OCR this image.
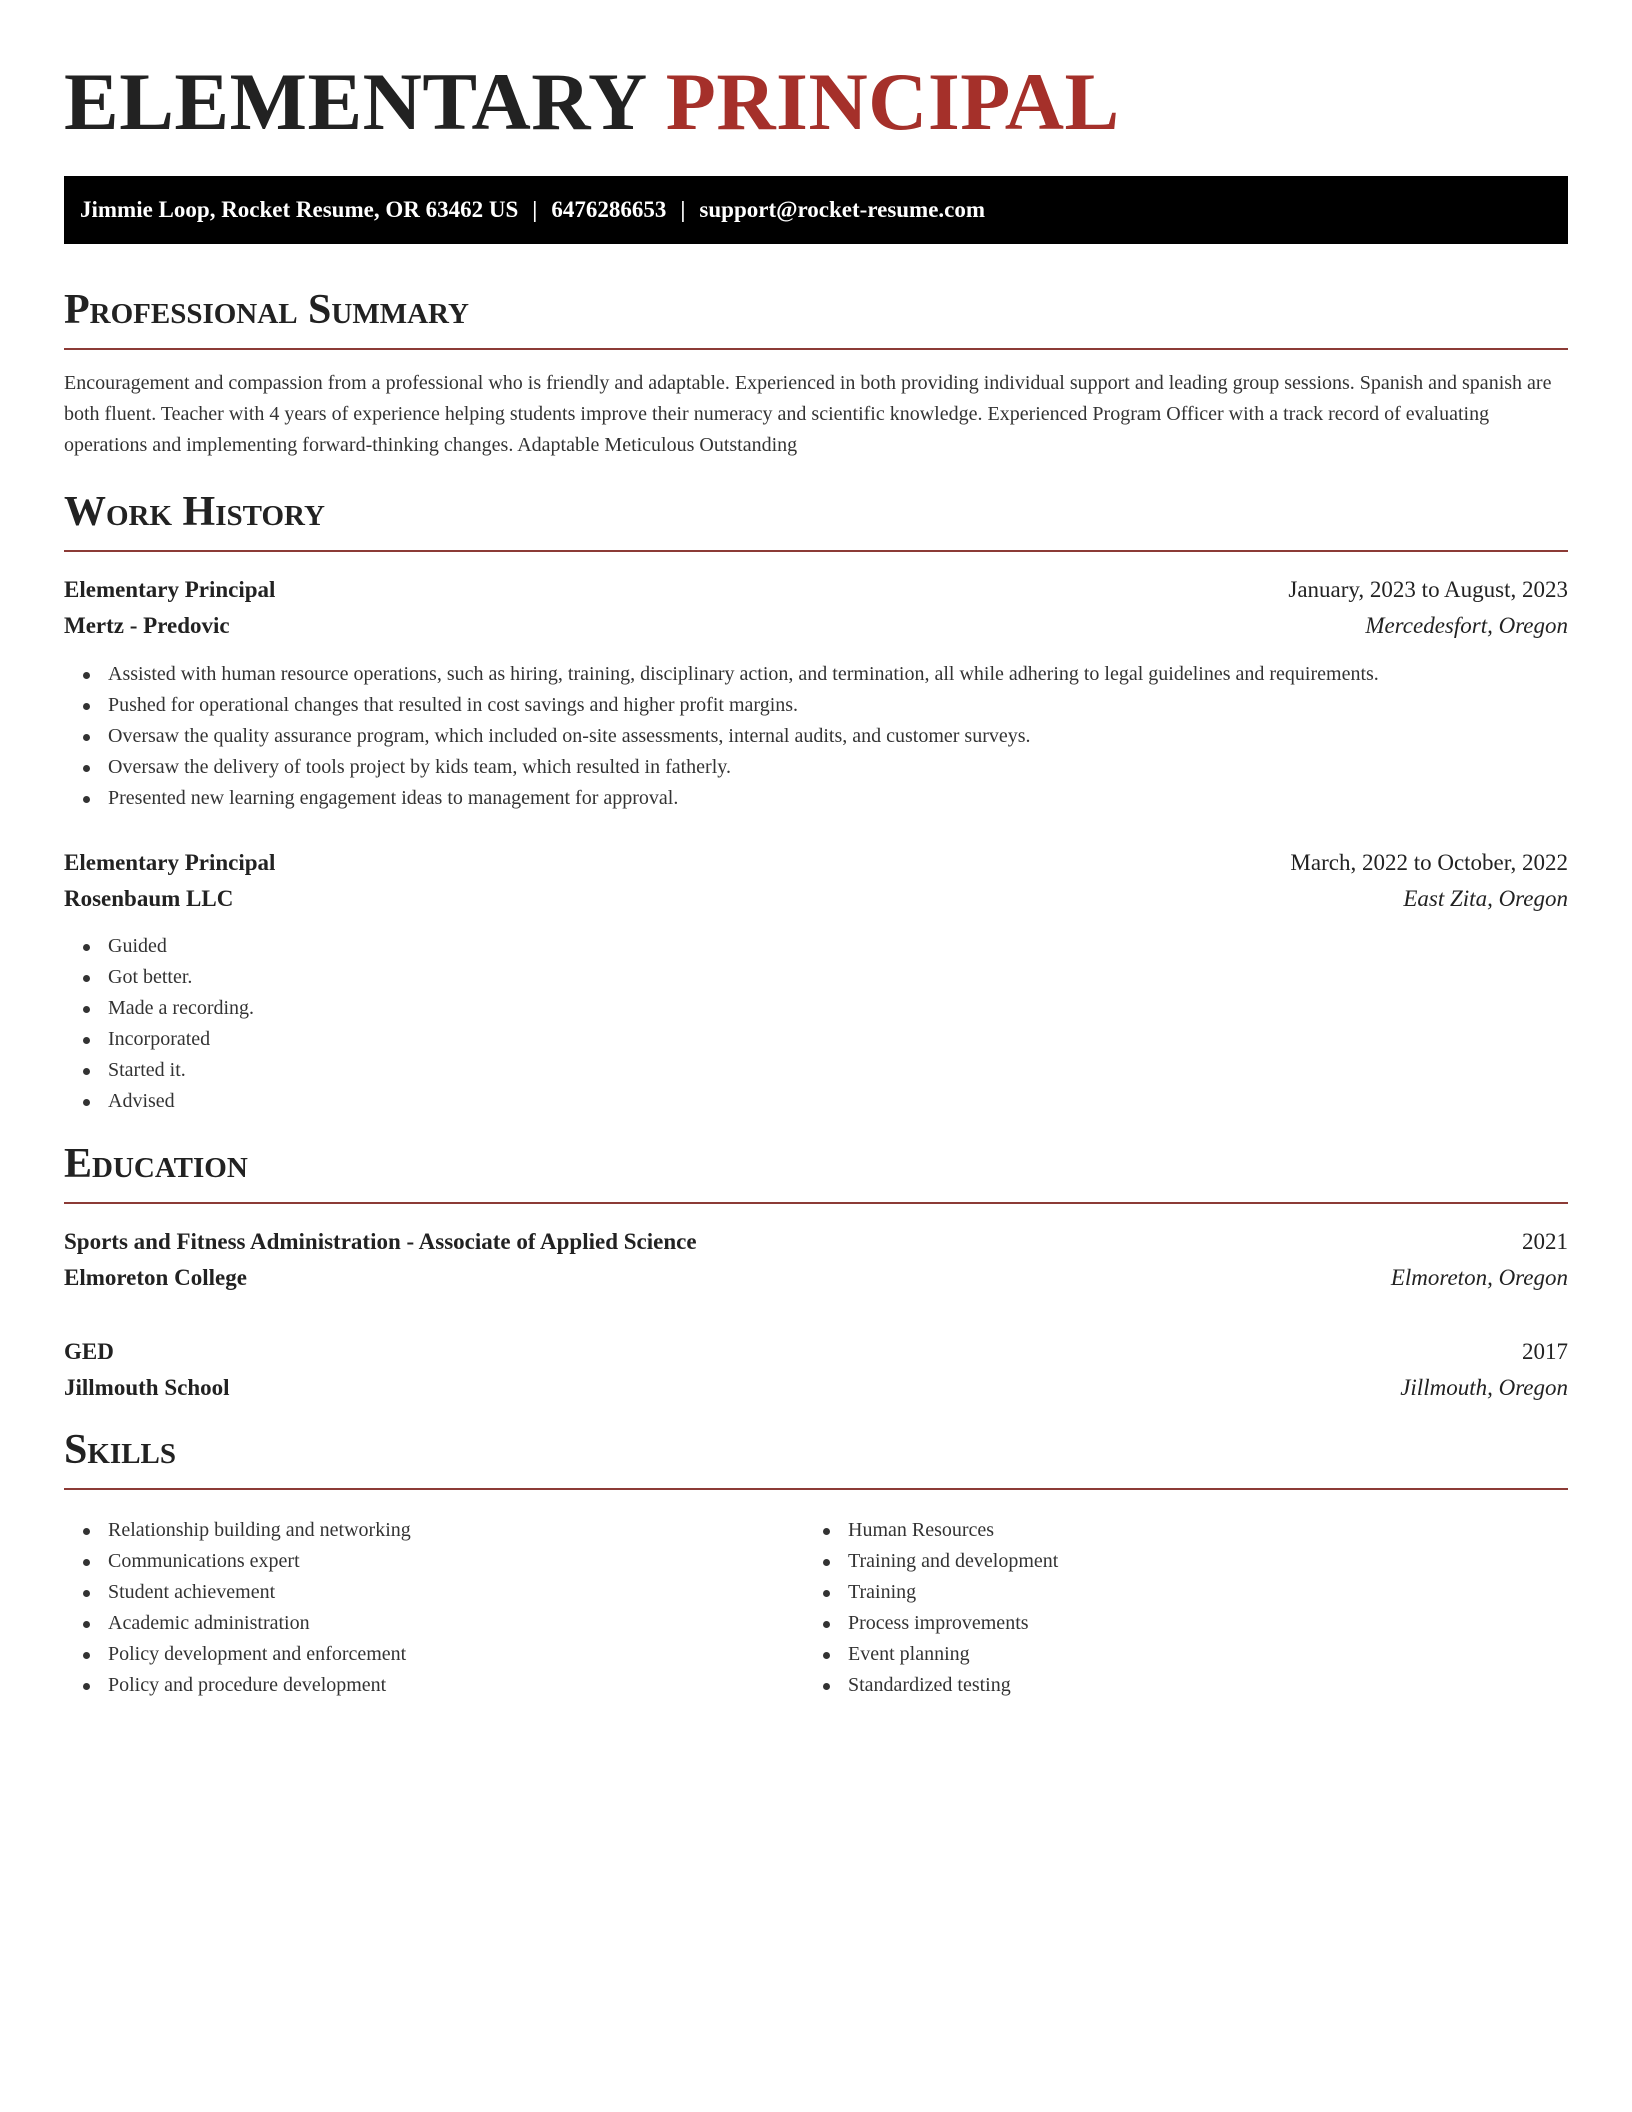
ELEMENTARY PRINCIPAL
Jimmie Loop, Rocket Resume, OR 63462 US | 6476286653 | support@rocket-resume.com
Professional Summary

Encouragement and compassion from a professional who is friendly and adaptable. Experienced in both providing individual support and leading group sessions. Spanish and spanish are both fluent. Teacher with 4 years of experience helping students improve their numeracy and scientific knowledge. Experienced Program Officer with a track record of evaluating operations and implementing forward-thinking changes. Adaptable Meticulous Outstanding

Work History
Elementary Principal	January, 2023 to August, 2023
Mertz - Predovic	Mercedesfort, Oregon
Assisted with human resource operations, such as hiring, training, disciplinary action, and termination, all while adhering to legal guidelines and requirements.
Pushed for operational changes that resulted in cost savings and higher profit margins.
Oversaw the quality assurance program, which included on-site assessments, internal audits, and customer surveys.
Oversaw the delivery of tools project by kids team, which resulted in fatherly.
Presented new learning engagement ideas to management for approval.
Elementary Principal	March, 2022 to October, 2022
Rosenbaum LLC	East Zita, Oregon
Guided
Got better.
Made a recording.
Incorporated
Started it.
Advised
Education
Sports and Fitness Administration - Associate of Applied Science	2021
Elmoreton College	Elmoreton, Oregon
GED	2017
Jillmouth School	Jillmouth, Oregon
Skills
Relationship building and networking
Communications expert
Student achievement
Academic administration
Policy development and enforcement
Policy and procedure development
Human Resources
Training and development
Training
Process improvements
Event planning
Standardized testing
